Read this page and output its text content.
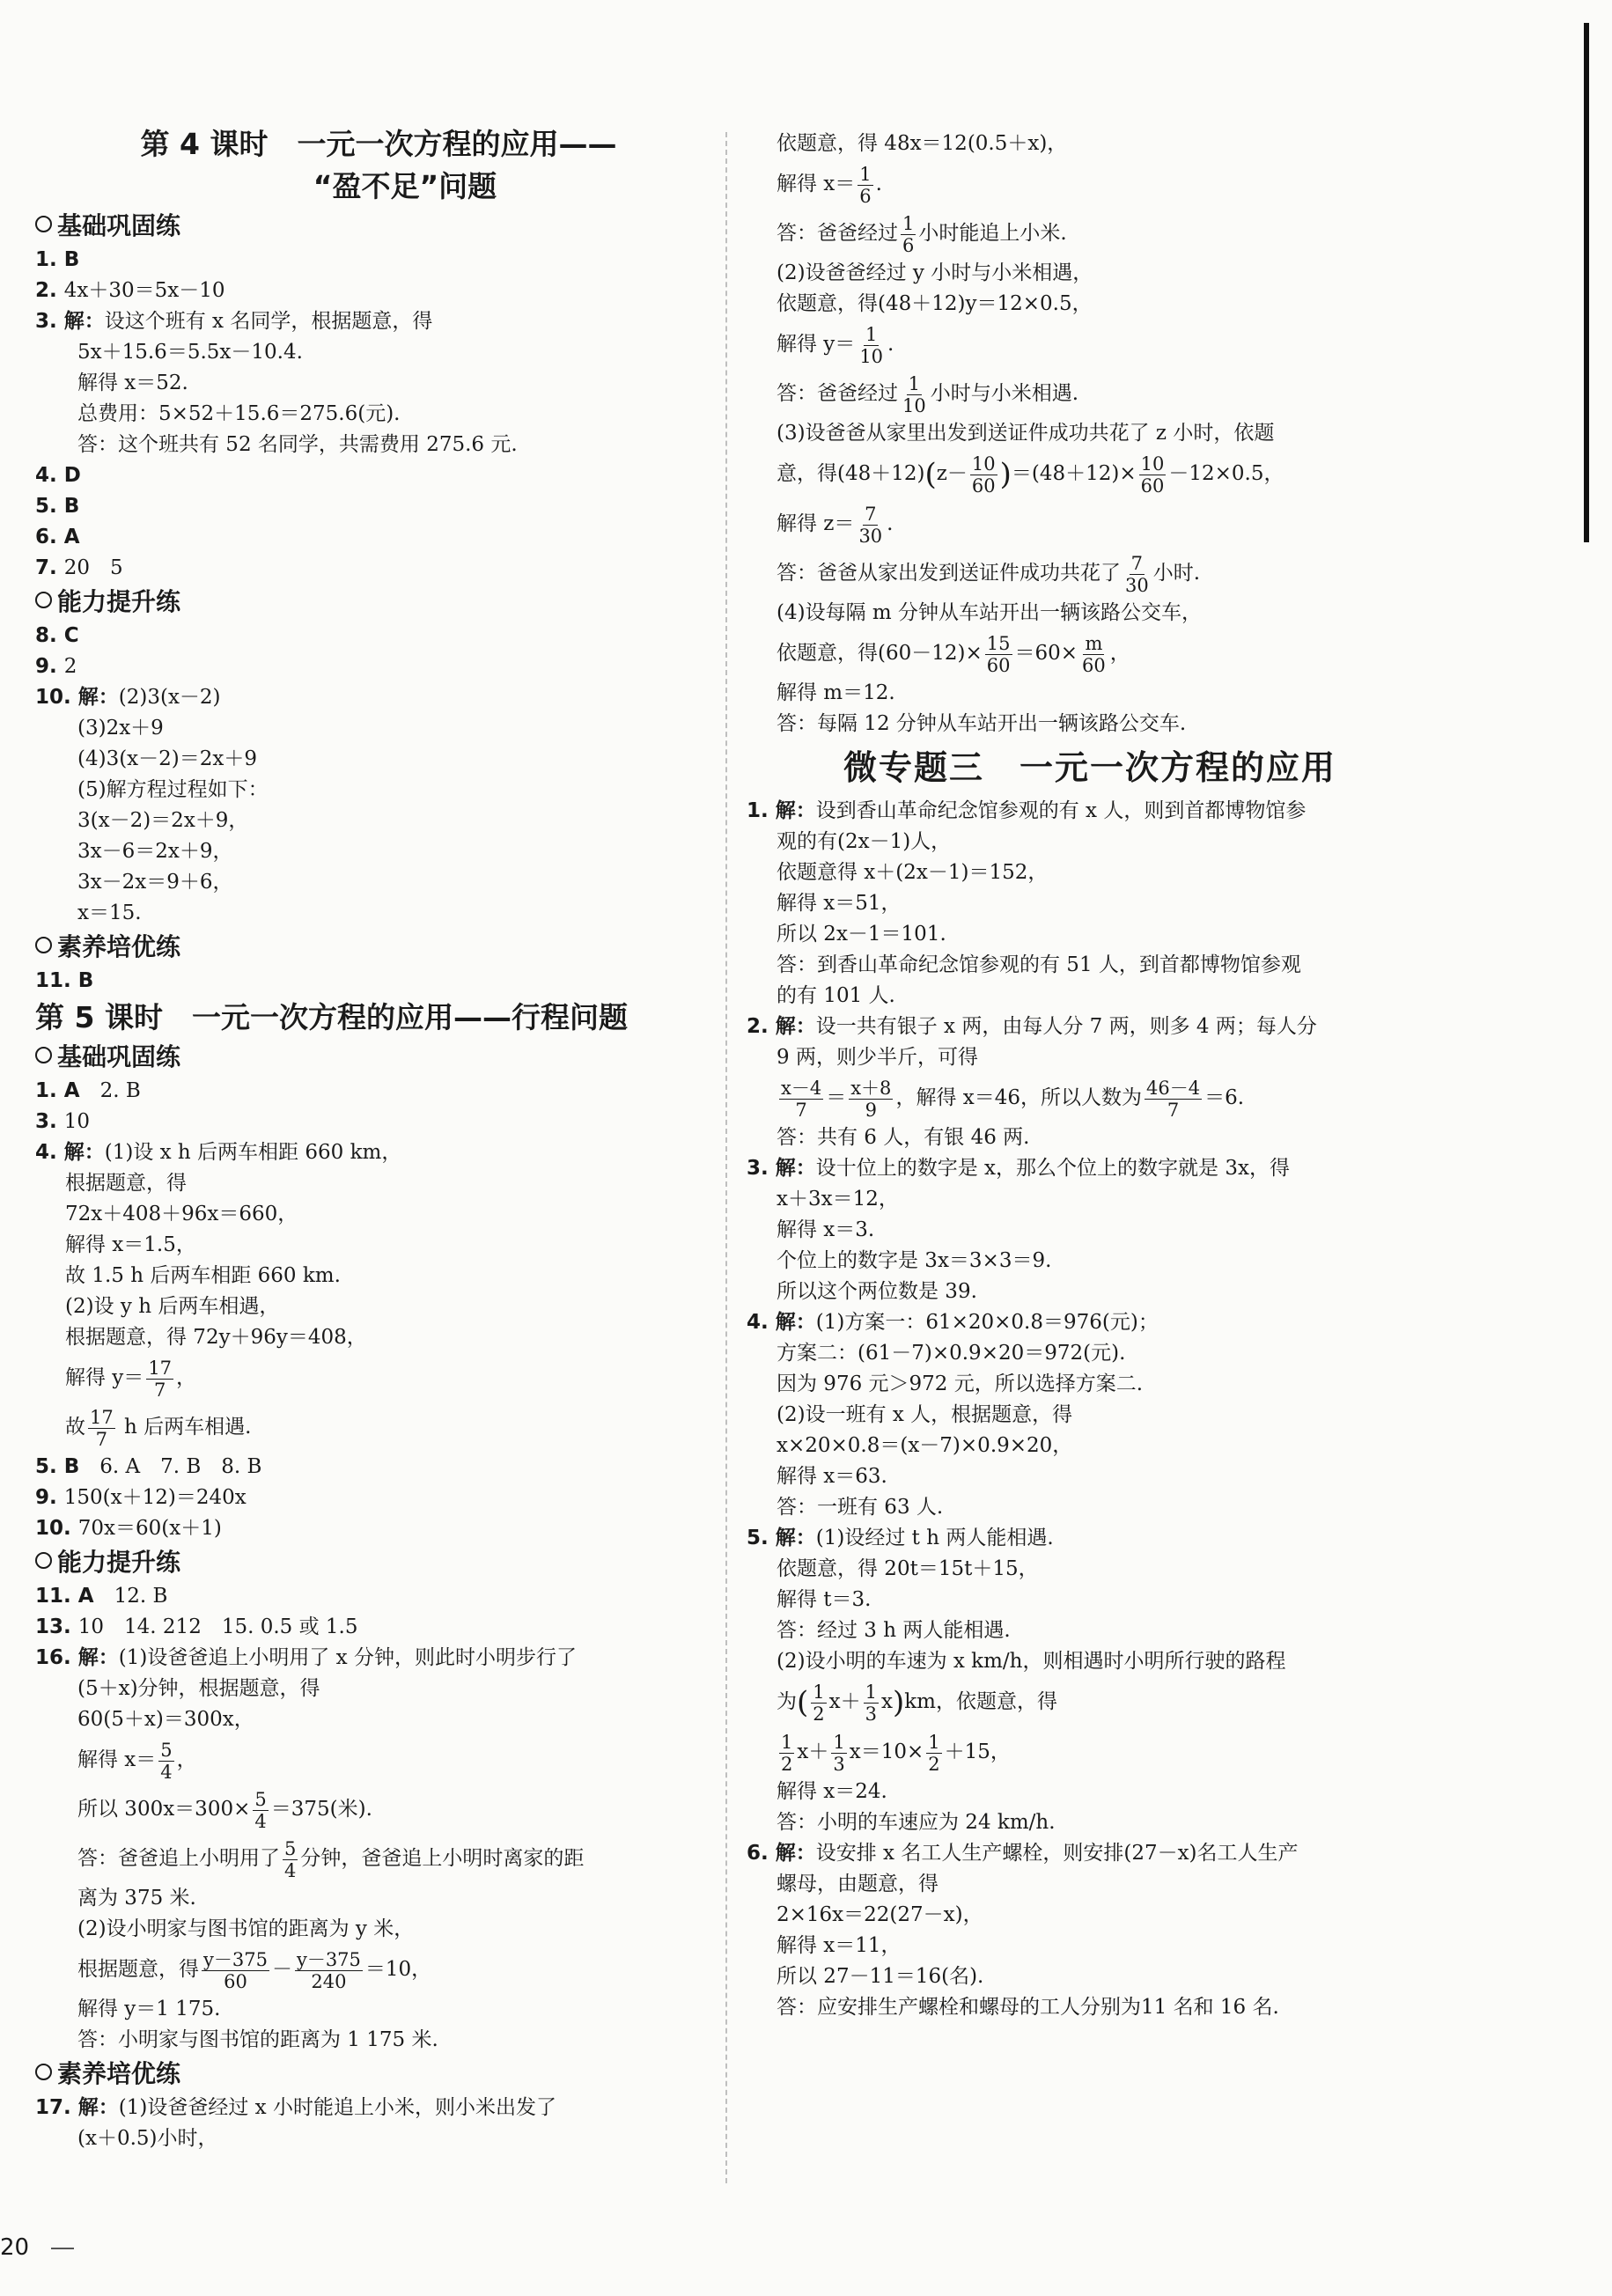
第 4 课时　一元一次方程的应用——
“盈不足”问题
基础巩固练
1. B
2. 4x＋30＝5x－10
3. 解：设这个班有 x 名同学，根据题意，得
5x＋15.6＝5.5x－10.4.
解得 x＝52.
总费用：5×52＋15.6＝275.6(元).
答：这个班共有 52 名同学，共需费用 275.6 元.
4. D
5. B
6. A
7. 20　5
能力提升练
8. C
9. 2
10. 解：(2)3(x－2)
(3)2x＋9
(4)3(x－2)＝2x＋9
(5)解方程过程如下：
3(x－2)＝2x＋9，
3x－6＝2x＋9，
3x－2x＝9＋6，
x＝15.
素养培优练
11. B
第 5 课时　一元一次方程的应用——行程问题
基础巩固练
1. A　2. B
3. 10
4. 解：(1)设 x h 后两车相距 660 km，
根据题意，得
72x＋408＋96x＝660，
解得 x＝1.5，
故 1.5 h 后两车相距 660 km.
(2)设 y h 后两车相遇，
根据题意，得 72y＋96y＝408，
解得 $y= \frac{17}{7}$ ，
故 $\frac{17}{7}$ h 后两车相遇.
5. B　6. A　7. B　8. B
9. 150(x＋12)＝240x
10. 70x＝60(x＋1)
能力提升练
11. A　12. B
13. 10　14. 212　15. 0.5 或 1.5
16. 解：(1)设爸爸追上小明用了 x 分钟，则此时小明步行了
(5＋x)分钟，根据题意，得
60(5＋x)＝300x，
解得 $x= \frac{5}{4}$ ，
所以 $300x=300\times \frac{5}{4} =375$(米).
答：爸爸追上小明用了 $\frac{5}{4}$ 分钟，爸爸追上小明时离家的距
离为 375 米.
(2)设小明家与图书馆的距离为 y 米，
根据题意，得 $\frac{y-375}{60} - \frac{y-375}{240} =10$，
解得 y＝1 175.
答：小明家与图书馆的距离为 1 175 米.
素养培优练
17. 解：(1)设爸爸经过 x 小时能追上小米，则小米出发了
(x＋0.5)小时，
依题意，得 48x＝12(0.5＋x)，
解得 $x= \frac{1}{6}$ .
答：爸爸经过 $\frac{1}{6}$ 小时能追上小米.
(2)设爸爸经过 y 小时与小米相遇，
依题意，得(48＋12)y＝12×0.5，
解得 $y= \frac{1}{10}$ .
答：爸爸经过 $\frac{1}{10}$ 小时与小米相遇.
(3)设爸爸从家里出发到送证件成功共花了 z 小时，依题
意，得$(48+12)(z- \frac{10}{60} )=(48+12)\times \frac{10}{60} -12\times 0.5$，
解得 $z= \frac{7}{30}$ .
答：爸爸从家出发到送证件成功共花了 $\frac{7}{30}$ 小时.
(4)设每隔 m 分钟从车站开出一辆该路公交车，
依题意，得$(60-12)\times \frac{15}{60} =60\times \frac{m}{60}$ ，
解得 m＝12.
答：每隔 12 分钟从车站开出一辆该路公交车.
微专题三　一元一次方程的应用
1. 解：设到香山革命纪念馆参观的有 x 人，则到首都博物馆参
观的有(2x－1)人，
依题意得 x＋(2x－1)＝152，
解得 x＝51，
所以 2x－1＝101.
答：到香山革命纪念馆参观的有 51 人，到首都博物馆参观
的有 101 人.
2. 解：设一共有银子 x 两，由每人分 7 两，则多 4 两；每人分
9 两，则少半斤，可得
$\frac{x-4}{7} = \frac{x+8}{9}$ ，解得 x＝46，所以人数为 $\frac{46-4}{7} =6$.
答：共有 6 人，有银 46 两.
3. 解：设十位上的数字是 x，那么个位上的数字就是 3x，得
x＋3x＝12，
解得 x＝3.
个位上的数字是 3x＝3×3＝9.
所以这个两位数是 39.
4. 解：(1)方案一：61×20×0.8＝976(元)；
方案二：(61－7)×0.9×20＝972(元).
因为 976 元＞972 元，所以选择方案二.
(2)设一班有 x 人，根据题意，得
x×20×0.8＝(x－7)×0.9×20，
解得 x＝63.
答：一班有 63 人.
5. 解：(1)设经过 t h 两人能相遇.
依题意，得 20t＝15t＋15，
解得 t＝3.
答：经过 3 h 两人能相遇.
(2)设小明的车速为 x km/h，则相遇时小明所行驶的路程
为( $\frac{1}{2} x+ \frac{1}{3} x)km$，依题意，得
$\frac{1}{2} x+ \frac{1}{3} x=10\times \frac{1}{2} +15$，
解得 x＝24.
答：小明的车速应为 24 km/h.
6. 解：设安排 x 名工人生产螺栓，则安排(27－x)名工人生产
螺母，由题意，得
2×16x＝22(27－x)，
解得 x＝11，
所以 27－11＝16(名).
答：应安排生产螺栓和螺母的工人分别为11 名和 16 名.
20
